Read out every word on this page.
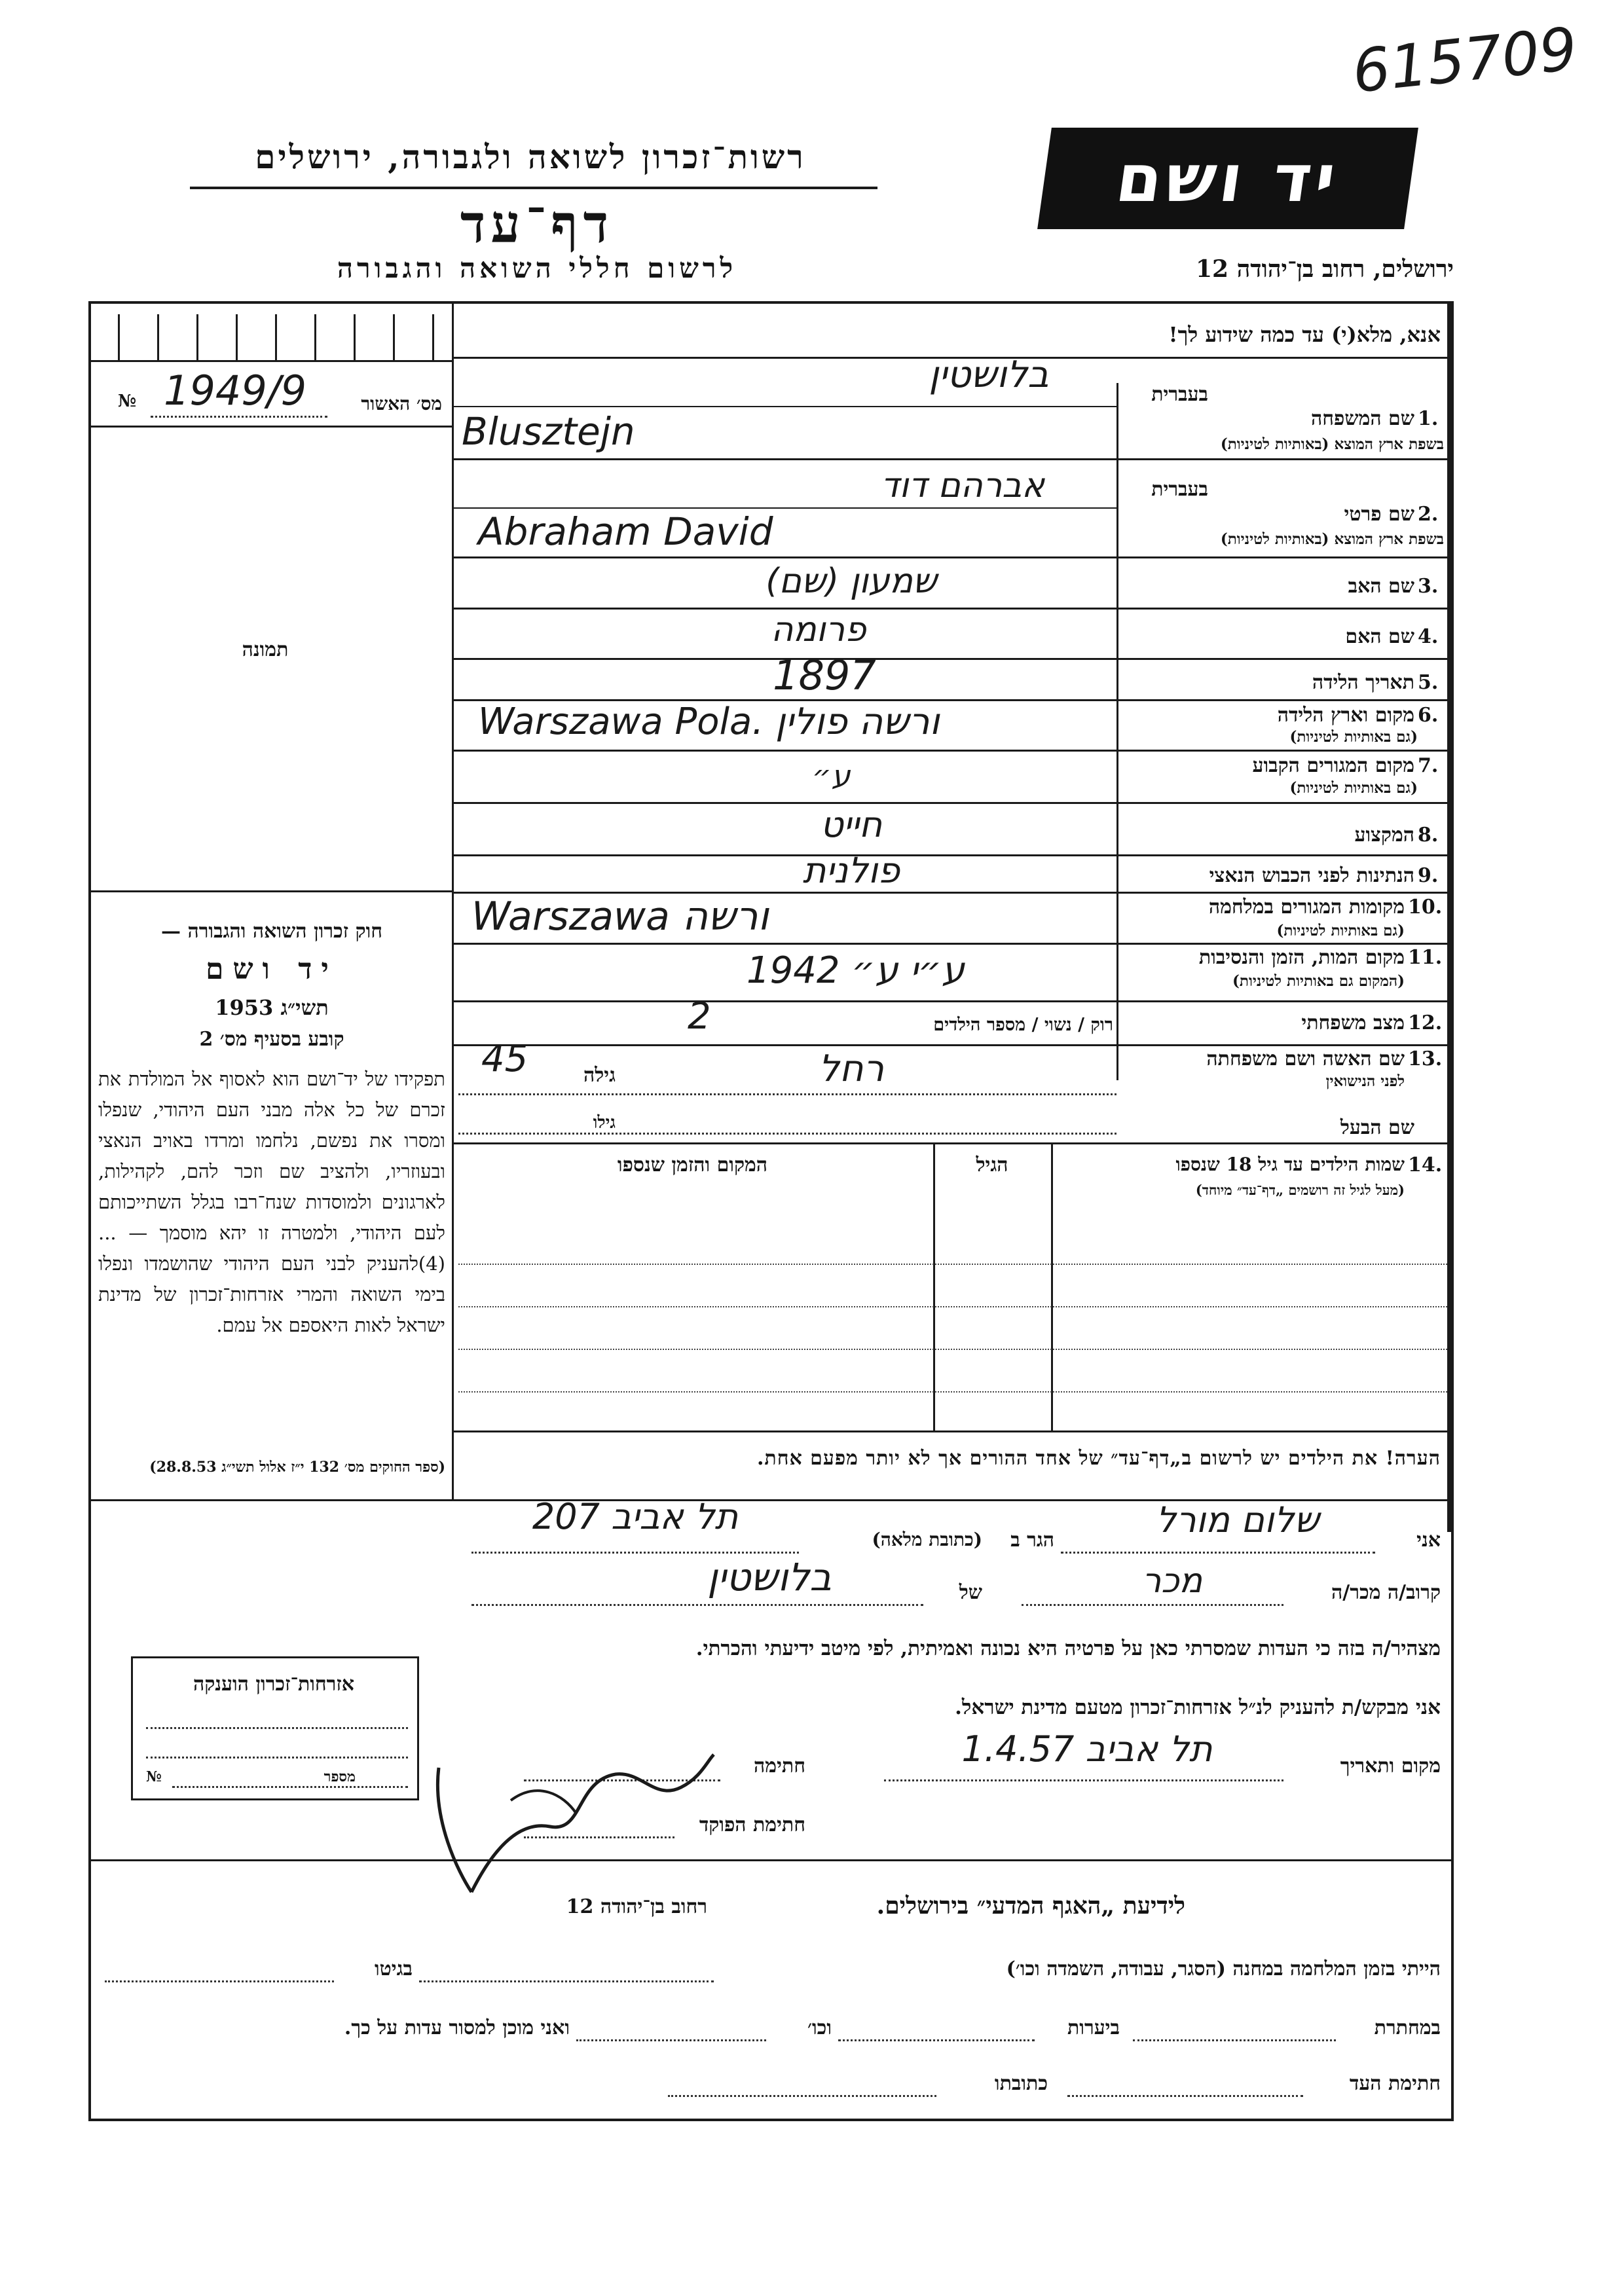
615709
רשות־זכרון לשואה ולגבורה, ירושלים
דף־עד
לרשום חללי השואה והגבורה
יד ושם
ירושלים, רחוב בן־יהודה 12
אנא, מלא(י) עד כמה שידוע לך!
№ 1949/9	מס׳ האשור
תמונה
חוק זכרון השואה והגבורה —
יד ושם
תשי״ג 1953
קובע בסעיף מס׳ 2
תפקידו של יד־ושם הוא לאסוף אל המולדת את זכרם של כל אלה מבני העם היהודי, שנפלו ומסרו את נפשם, נלחמו ומרדו באויב הנאצי ובעוזריו, ולהציב שם וזכר להם, לקהילות, לארגונים ולמוסדות שנח־רבו בגלל השתייכותם לעם היהודי, ולמטרה זו יהא מוסמך — ...(4)להעניק לבני העם היהודי שהושמדו ונפלו בימי השואה והמרי אזרחות־זכרון של מדינת ישראל לאות היאספם אל עמם.
(ספר החוקים מס׳ 132 י״ז אלול תשי״ג 28.8.53)
בעברית
1.
שם המשפחה
בשפת ארץ המוצא (באותיות לטיניות)
בלושטין
Blusztejn
בעברית
2.
שם פרטי
בשפת ארץ המוצא (באותיות לטיניות)
אברהם דוד
Abraham David
3.
שם האב
שמעון (שם)
4.
שם האם
פרומה
5.
תאריך הלידה
1897
6.
מקום וארץ הלידה
(גם באותיות לטיניות)
Warszawa Pola. ורשה פולין
7.
מקום המגורים הקבוע
(גם באותיות לטיניות)
ע״
8.
המקצוע
חייט
9.
הנתינות לפני הכבוש הנאצי
פולנית
10.
מקומות המגורים במלחמה
(גם באותיות לטיניות)
Warszawa ורשה
11.
מקום המות, הזמן והנסיבות
(המקום גם באותיות לטיניות)
1942 ע״י ע״
12.
מצב משפחתי
רוק / נשוי / מספר הילדים
2
13.
שם האשה ושם משפחתה
לפני הנישואין
גילה
45	רחל
שם הבעל
גילו
14.
שמות הילדים עד גיל 18 שנספו
(מעל לגיל זה רושמים „דף־עד״ מיוחד)
הגיל
המקום והזמן שנספו
הערה! את הילדים יש לרשום ב„דף־עד״ של אחד ההורים אך לא יותר מפעם אחת.
אני
שלום מורל
הגר ב
(כתובת מלאה)
תל אביב 207
קרוב/ה מכר/ה
מכר
של
בלושטין
מצהיר/ה בזה כי העדות שמסרתי כאן על פרטיה היא נכונה ואמיתית, לפי מיטב ידיעתי והכרתי.
אני מבקש/ת להעניק לנ״ל אזרחות־זכרון מטעם מדינת ישראל.
מקום ותאריך
תל אביב 1.4.57
חתימה
חתימת הפוקד
אזרחות־זכרון הוענקה
№	מספר
לידיעת „האגף המדעי״ בירושלים.
רחוב בן־יהודה 12
הייתי בזמן המלחמה במחנה (הסגר, עבודה, השמדה וכו׳)
בגיטו
במחתרת
ביערות
וכו׳
ואני מוכן למסור עדות על כך.
חתימת העד
כתובתו
